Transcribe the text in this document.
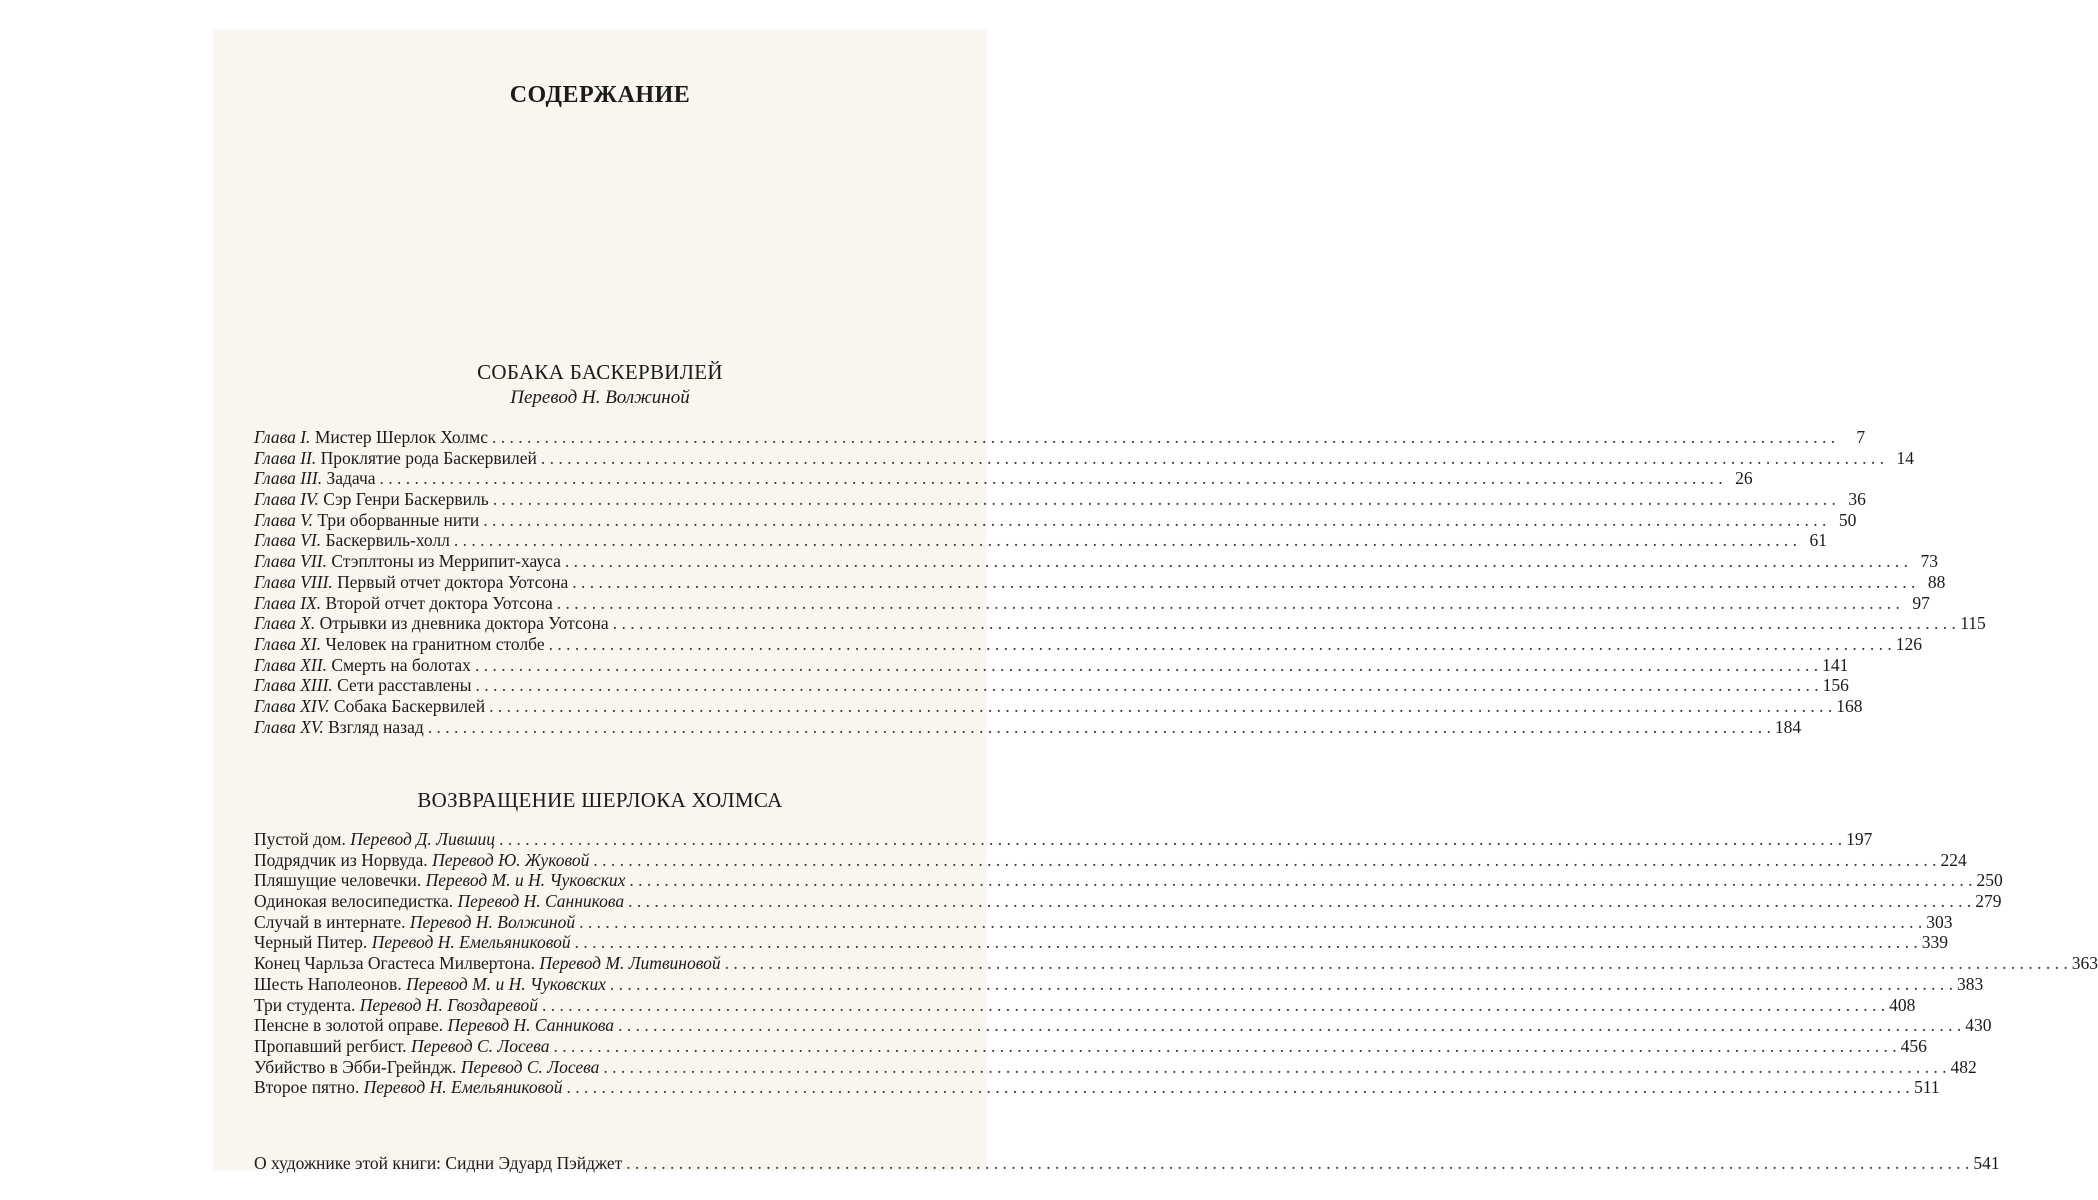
СОДЕРЖАНИЕ
СОБАКА БАСКЕРВИЛЕЙ
Перевод Н. Волжиной
Глава I. Мистер Шерлок Холмс . . .	7
Глава II. Проклятие рода Баскервилей . . .	14
Глава III. Задача . . .	26
Глава IV. Сэр Генри Баскервиль . . .	36
Глава V. Три оборванные нити . . .	50
Глава VI. Баскервиль-холл . . .	61
Глава VII. Стэплтоны из Меррипит-хауса . . .	73
Глава VIII. Первый отчет доктора Уотсона . . .	88
Глава IX. Второй отчет доктора Уотсона . . .	97
Глава X. Отрывки из дневника доктора Уотсона . . .	115
Глава XI. Человек на гранитном столбе . . .	126
Глава XII. Смерть на болотах . . .	141
Глава XIII. Сети расставлены . . .	156
Глава XIV. Собака Баскервилей . . .	168
Глава XV. Взгляд назад . . .	184
ВОЗВРАЩЕНИЕ ШЕРЛОКА ХОЛМСА
Пустой дом. Перевод Д. Лившиц . . .	197
Подрядчик из Норвуда. Перевод Ю. Жуковой . . .	224
Пляшущие человечки. Перевод М. и Н. Чуковских . . .	250
Одинокая велосипедистка. Перевод Н. Санникова . . .	279
Случай в интернате. Перевод Н. Волжиной . . .	303
Черный Питер. Перевод Н. Емельяниковой . . .	339
Конец Чарльза Огастеса Милвертона. Перевод М. Литвиновой . . .	363
Шесть Наполеонов. Перевод М. и Н. Чуковских . . .	383
Три студента. Перевод Н. Гвоздаревой . . .	408
Пенсне в золотой оправе. Перевод Н. Санникова . . .	430
Пропавший регбист. Перевод С. Лосева . . .	456
Убийство в Эбби-Грейндж. Перевод С. Лосева . . .	482
Второе пятно. Перевод Н. Емельяниковой . . .	511
О художнике этой книги: Сидни Эдуард Пэйджет . . .	541
